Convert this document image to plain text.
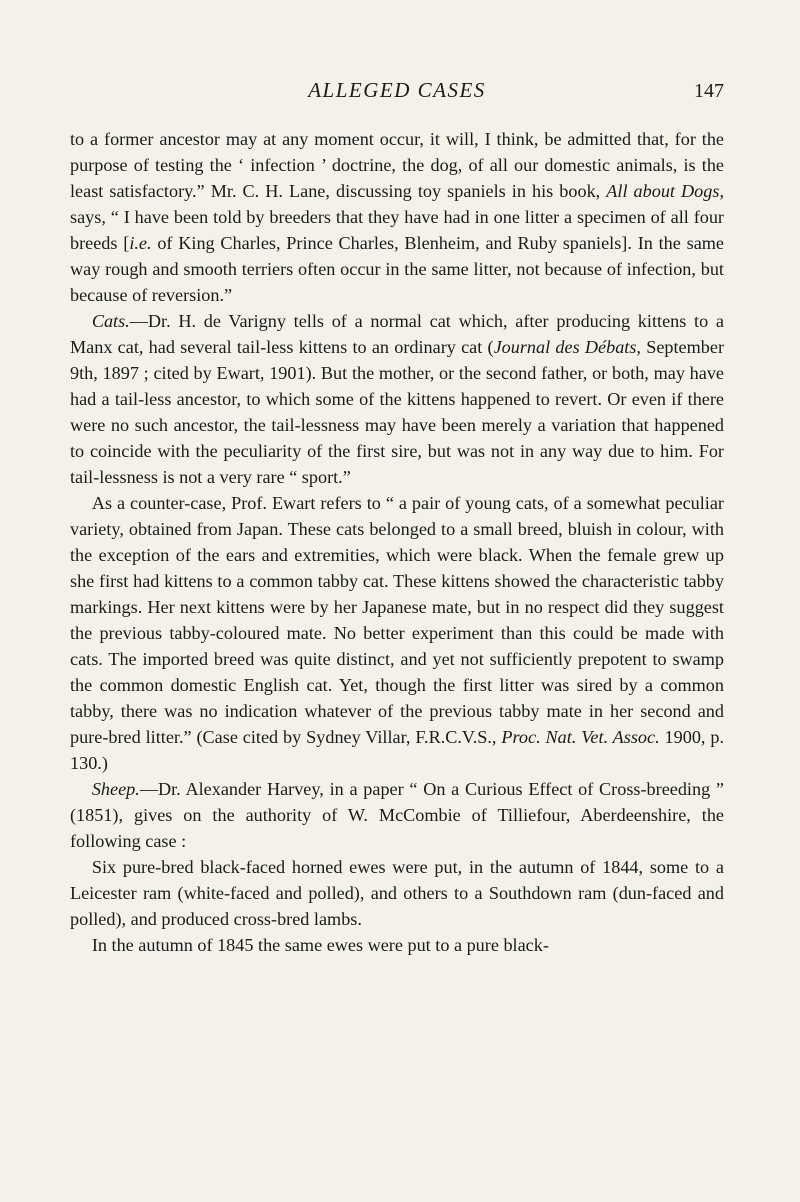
ALLEGED CASES	147

to a former ancestor may at any moment occur, it will, I think, be admitted that, for the purpose of testing the ‘ infection ’ doctrine, the dog, of all our domestic animals, is the least satisfactory.” Mr. C. H. Lane, discussing toy spaniels in his book, All about Dogs, says, “ I have been told by breeders that they have had in one litter a specimen of all four breeds [i.e. of King Charles, Prince Charles, Blenheim, and Ruby spaniels]. In the same way rough and smooth terriers often occur in the same litter, not because of infection, but because of reversion.”

Cats.—Dr. H. de Varigny tells of a normal cat which, after producing kittens to a Manx cat, had several tail-less kittens to an ordinary cat (Journal des Débats, September 9th, 1897 ; cited by Ewart, 1901). But the mother, or the second father, or both, may have had a tail-less ancestor, to which some of the kittens happened to revert. Or even if there were no such ancestor, the tail-lessness may have been merely a variation that happened to coincide with the peculiarity of the first sire, but was not in any way due to him. For tail-lessness is not a very rare “ sport.”

As a counter-case, Prof. Ewart refers to “ a pair of young cats, of a somewhat peculiar variety, obtained from Japan. These cats belonged to a small breed, bluish in colour, with the exception of the ears and extremities, which were black. When the female grew up she first had kittens to a common tabby cat. These kittens showed the characteristic tabby markings. Her next kittens were by her Japanese mate, but in no respect did they suggest the previous tabby-coloured mate. No better experiment than this could be made with cats. The imported breed was quite distinct, and yet not sufficiently prepotent to swamp the common domestic English cat. Yet, though the first litter was sired by a common tabby, there was no indication whatever of the previous tabby mate in her second and pure-bred litter.” (Case cited by Sydney Villar, F.R.C.V.S., Proc. Nat. Vet. Assoc. 1900, p. 130.)

Sheep.—Dr. Alexander Harvey, in a paper “ On a Curious Effect of Cross-breeding ” (1851), gives on the authority of W. McCombie of Tilliefour, Aberdeenshire, the following case :

Six pure-bred black-faced horned ewes were put, in the autumn of 1844, some to a Leicester ram (white-faced and polled), and others to a Southdown ram (dun-faced and polled), and produced cross-bred lambs.

In the autumn of 1845 the same ewes were put to a pure black-
